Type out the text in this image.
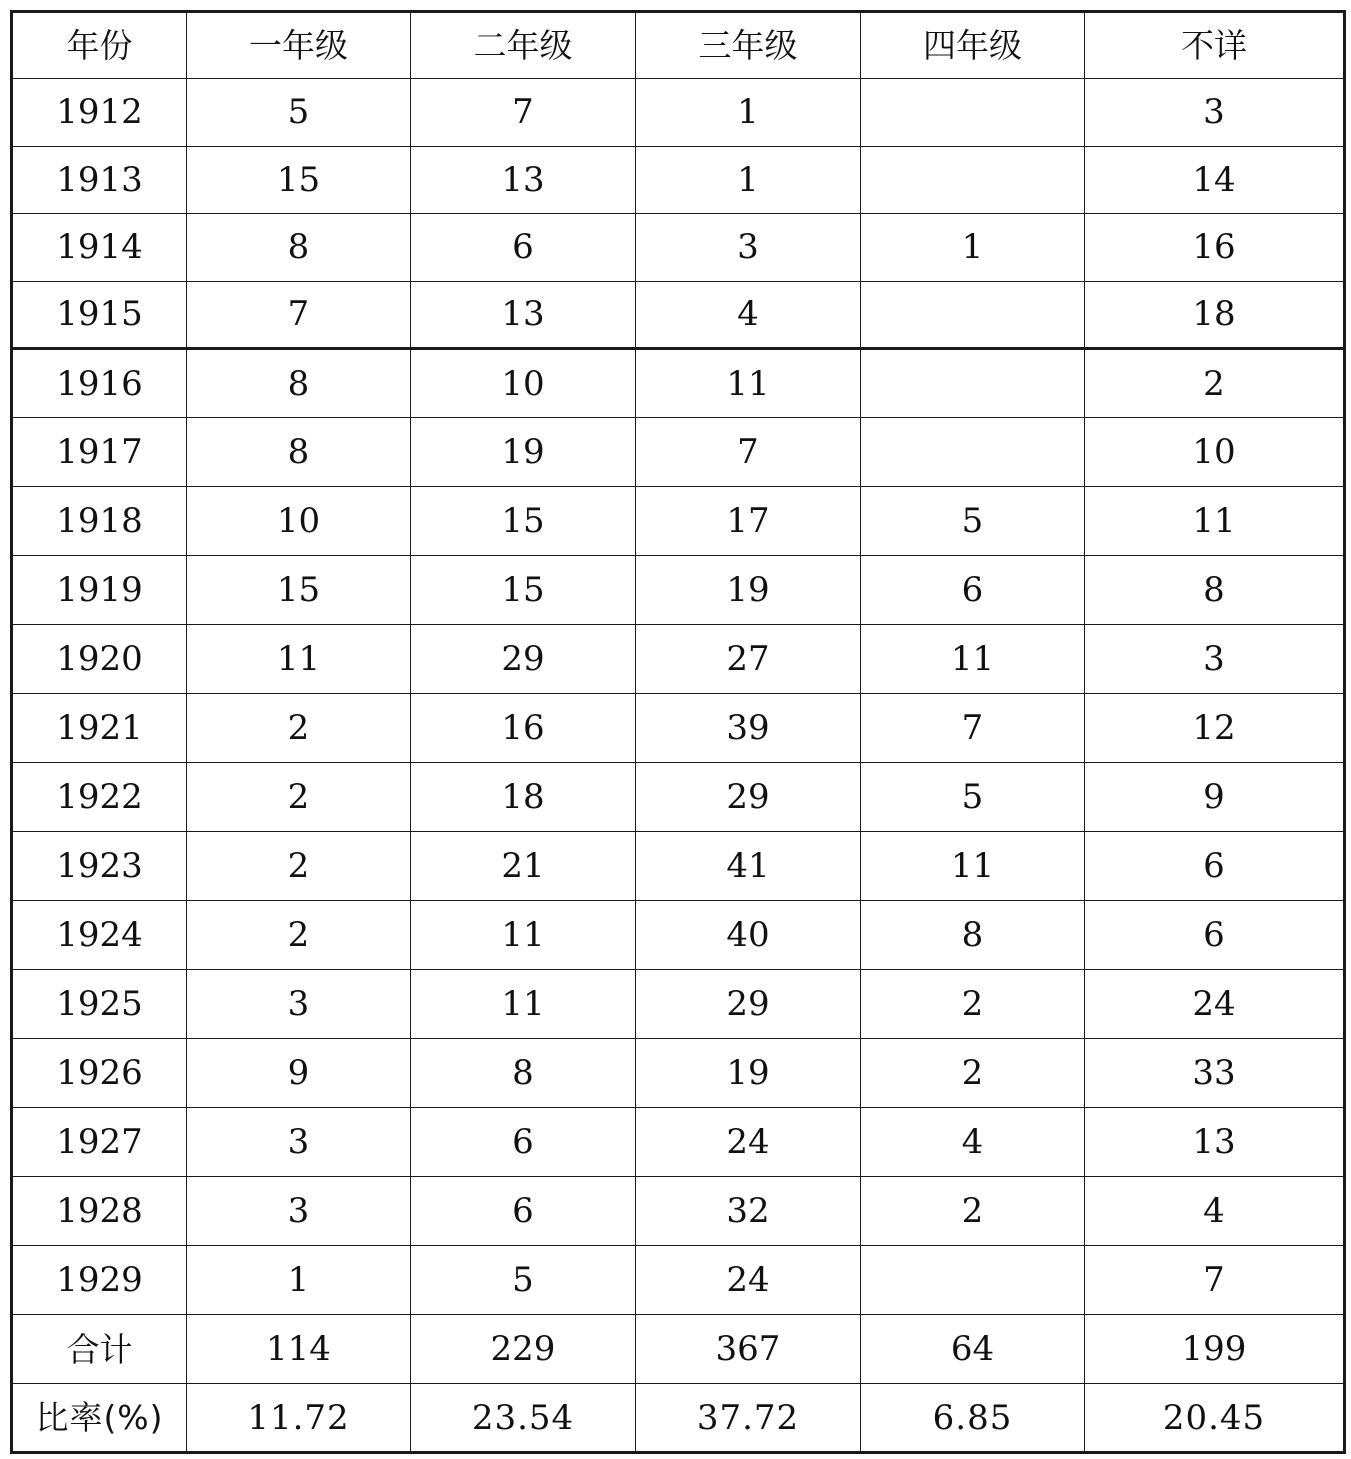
年份	一年级	二年级	三年级	四年级	不详
1912	5	7	1		3
1913	15	13	1		14
1914	8	6	3	1	16
1915	7	13	4		18
1916	8	10	11		2
1917	8	19	7		10
1918	10	15	17	5	11
1919	15	15	19	6	8
1920	11	29	27	11	3
1921	2	16	39	7	12
1922	2	18	29	5	9
1923	2	21	41	11	6
1924	2	11	40	8	6
1925	3	11	29	2	24
1926	9	8	19	2	33
1927	3	6	24	4	13
1928	3	6	32	2	4
1929	1	5	24		7
合计	114	229	367	64	199
比率(%)	11.72	23.54	37.72	6.85	20.45
